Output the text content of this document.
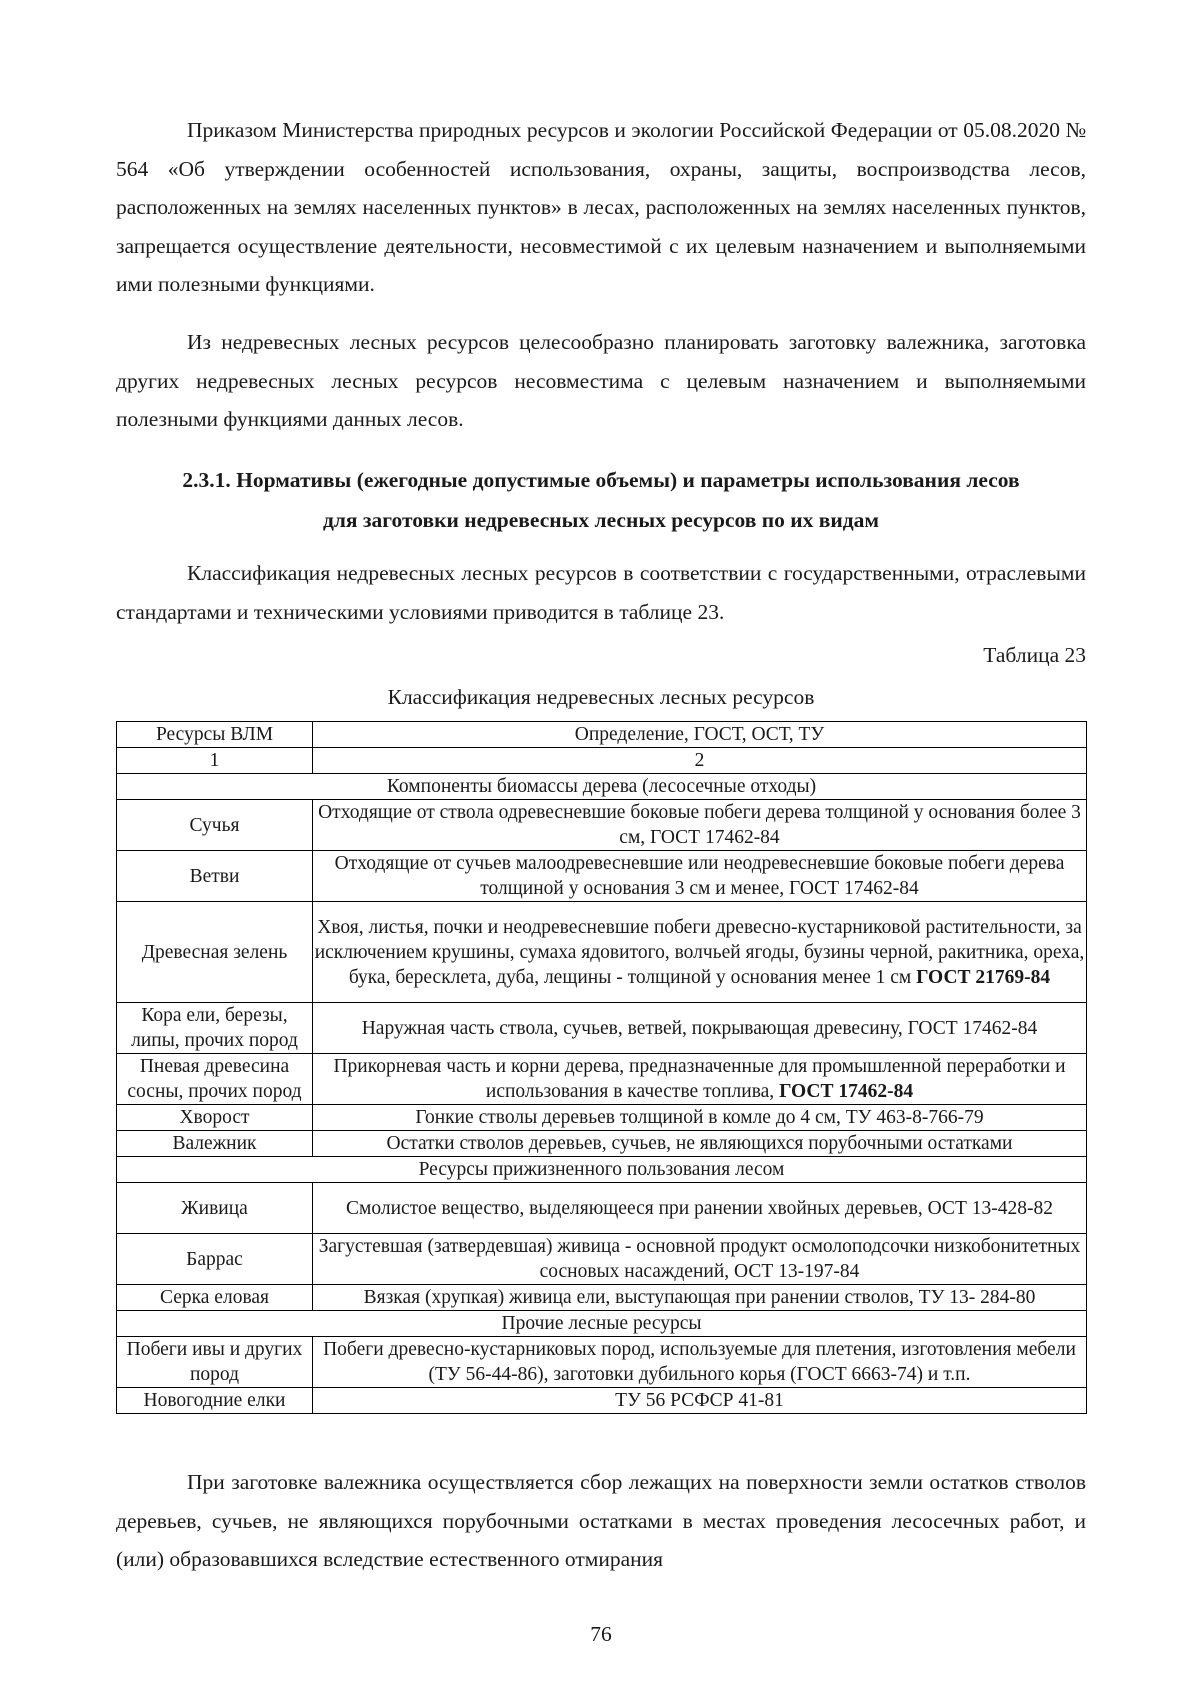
Приказом Министерства природных ресурсов и экологии Российской Федерации от 05.08.2020 № 564 «Об утверждении особенностей использования, охраны, защиты, воспроизводства лесов, расположенных на землях населенных пунктов» в лесах, расположенных на землях населенных пунктов, запрещается осуществление деятельности, несовместимой с их целевым назначением и выполняемыми ими полезными функциями.

Из недревесных лесных ресурсов целесообразно планировать заготовку валежника, заготовка других недревесных лесных ресурсов несовместима с целевым назначением и выполняемыми полезными функциями данных лесов.

2.3.1. Нормативы (ежегодные допустимые объемы) и параметры использования лесов
для заготовки недревесных лесных ресурсов по их видам

Классификация недревесных лесных ресурсов в соответствии с государственными, отраслевыми стандартами и техническими условиями приводится в таблице 23.

Таблица 23
Классификация недревесных лесных ресурсов
Ресурсы ВЛМ	Определение, ГОСТ, ОСТ, ТУ
1	2
Компоненты биомассы дерева (лесосечные отходы)	
Сучья	Отходящие от ствола одревесневшие боковые побеги дерева толщиной у основания более 3 см, ГОСТ 17462-84
Ветви	Отходящие от сучьев малоодревесневшие или неодревесневшие боковые побеги дерева толщиной у основания 3 см и менее, ГОСТ 17462-84
Древесная зелень	Хвоя, листья, почки и неодревесневшие побеги древесно-кустарниковой растительности, за исключением крушины, сумаха ядовитого, волчьей ягоды, бузины черной, ракитника, ореха, бука, бересклета, дуба, лещины - толщиной у основания менее 1 см ГОСТ 21769-84
Кора ели, березы, липы, прочих пород	Наружная часть ствола, сучьев, ветвей, покрывающая древесину, ГОСТ 17462-84
Пневая древесина сосны, прочих пород	Прикорневая часть и корни дерева, предназначенные для промышленной переработки и использования в качестве топлива, ГОСТ 17462-84
Хворост	Гонкие стволы деревьев толщиной в комле до 4 см, ТУ 463-8-766-79
Валежник	Остатки стволов деревьев, сучьев, не являющихся порубочными остатками
Ресурсы прижизненного пользования лесом	
Живица	Смолистое вещество, выделяющееся при ранении хвойных деревьев, ОСТ 13-428-82
Баррас	Загустевшая (затвердевшая) живица - основной продукт осмолоподсочки низкобонитетных сосновых насаждений, ОСТ 13-197-84
Серка еловая	Вязкая (хрупкая) живица ели, выступающая при ранении стволов, ТУ 13- 284-80
Прочие лесные ресурсы	
Побеги ивы и других пород	Побеги древесно-кустарниковых пород, используемые для плетения, изготовления мебели (ТУ 56-44-86), заготовки дубильного корья (ГОСТ 6663-74) и т.п.
Новогодние елки	ТУ 56 РСФСР 41-81

При заготовке валежника осуществляется сбор лежащих на поверхности земли остатков стволов деревьев, сучьев, не являющихся порубочными остатками в местах проведения лесосечных работ, и (или) образовавшихся вследствие естественного отмирания

76
